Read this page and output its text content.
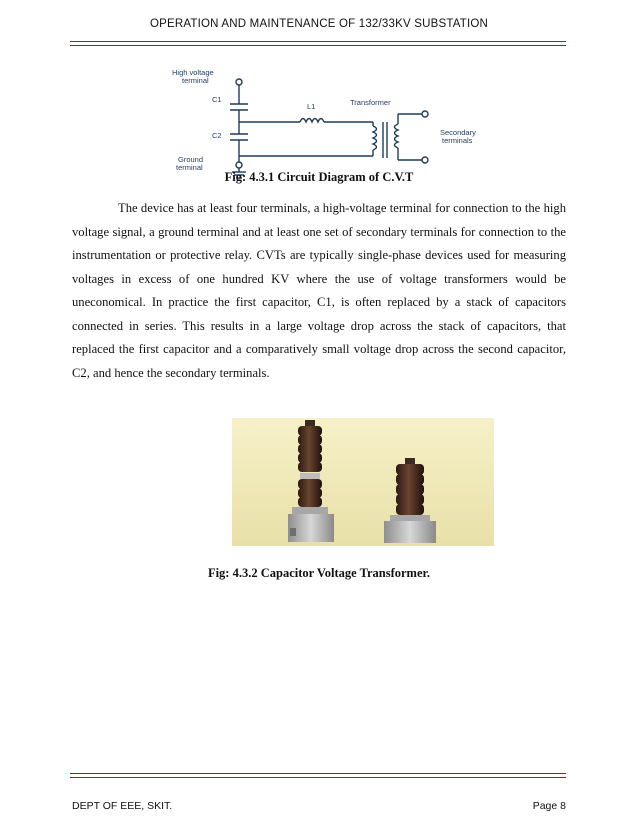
OPERATION AND MAINTENANCE OF 132/33KV SUBSTATION
High voltage
terminal
C1
C2
Ground
terminal
L1	Transformer
Secondary
terminals
Fig: 4.3.1 Circuit Diagram of C.V.T
The device has at least four terminals, a high-voltage terminal for connection to the high voltage signal, a ground terminal and at least one set of secondary terminals for connection to the instrumentation or protective relay. CVTs are typically single-phase devices used for measuring voltages in excess of one hundred KV where the use of voltage transformers would be uneconomical. In practice the first capacitor, C1, is often replaced by a stack of capacitors connected in series. This results in a large voltage drop across the stack of capacitors, that replaced the first capacitor and a comparatively small voltage drop across the second capacitor, C2, and hence the secondary terminals.
Fig: 4.3.2 Capacitor Voltage Transformer.
DEPT OF EEE, SKIT.	Page 8
